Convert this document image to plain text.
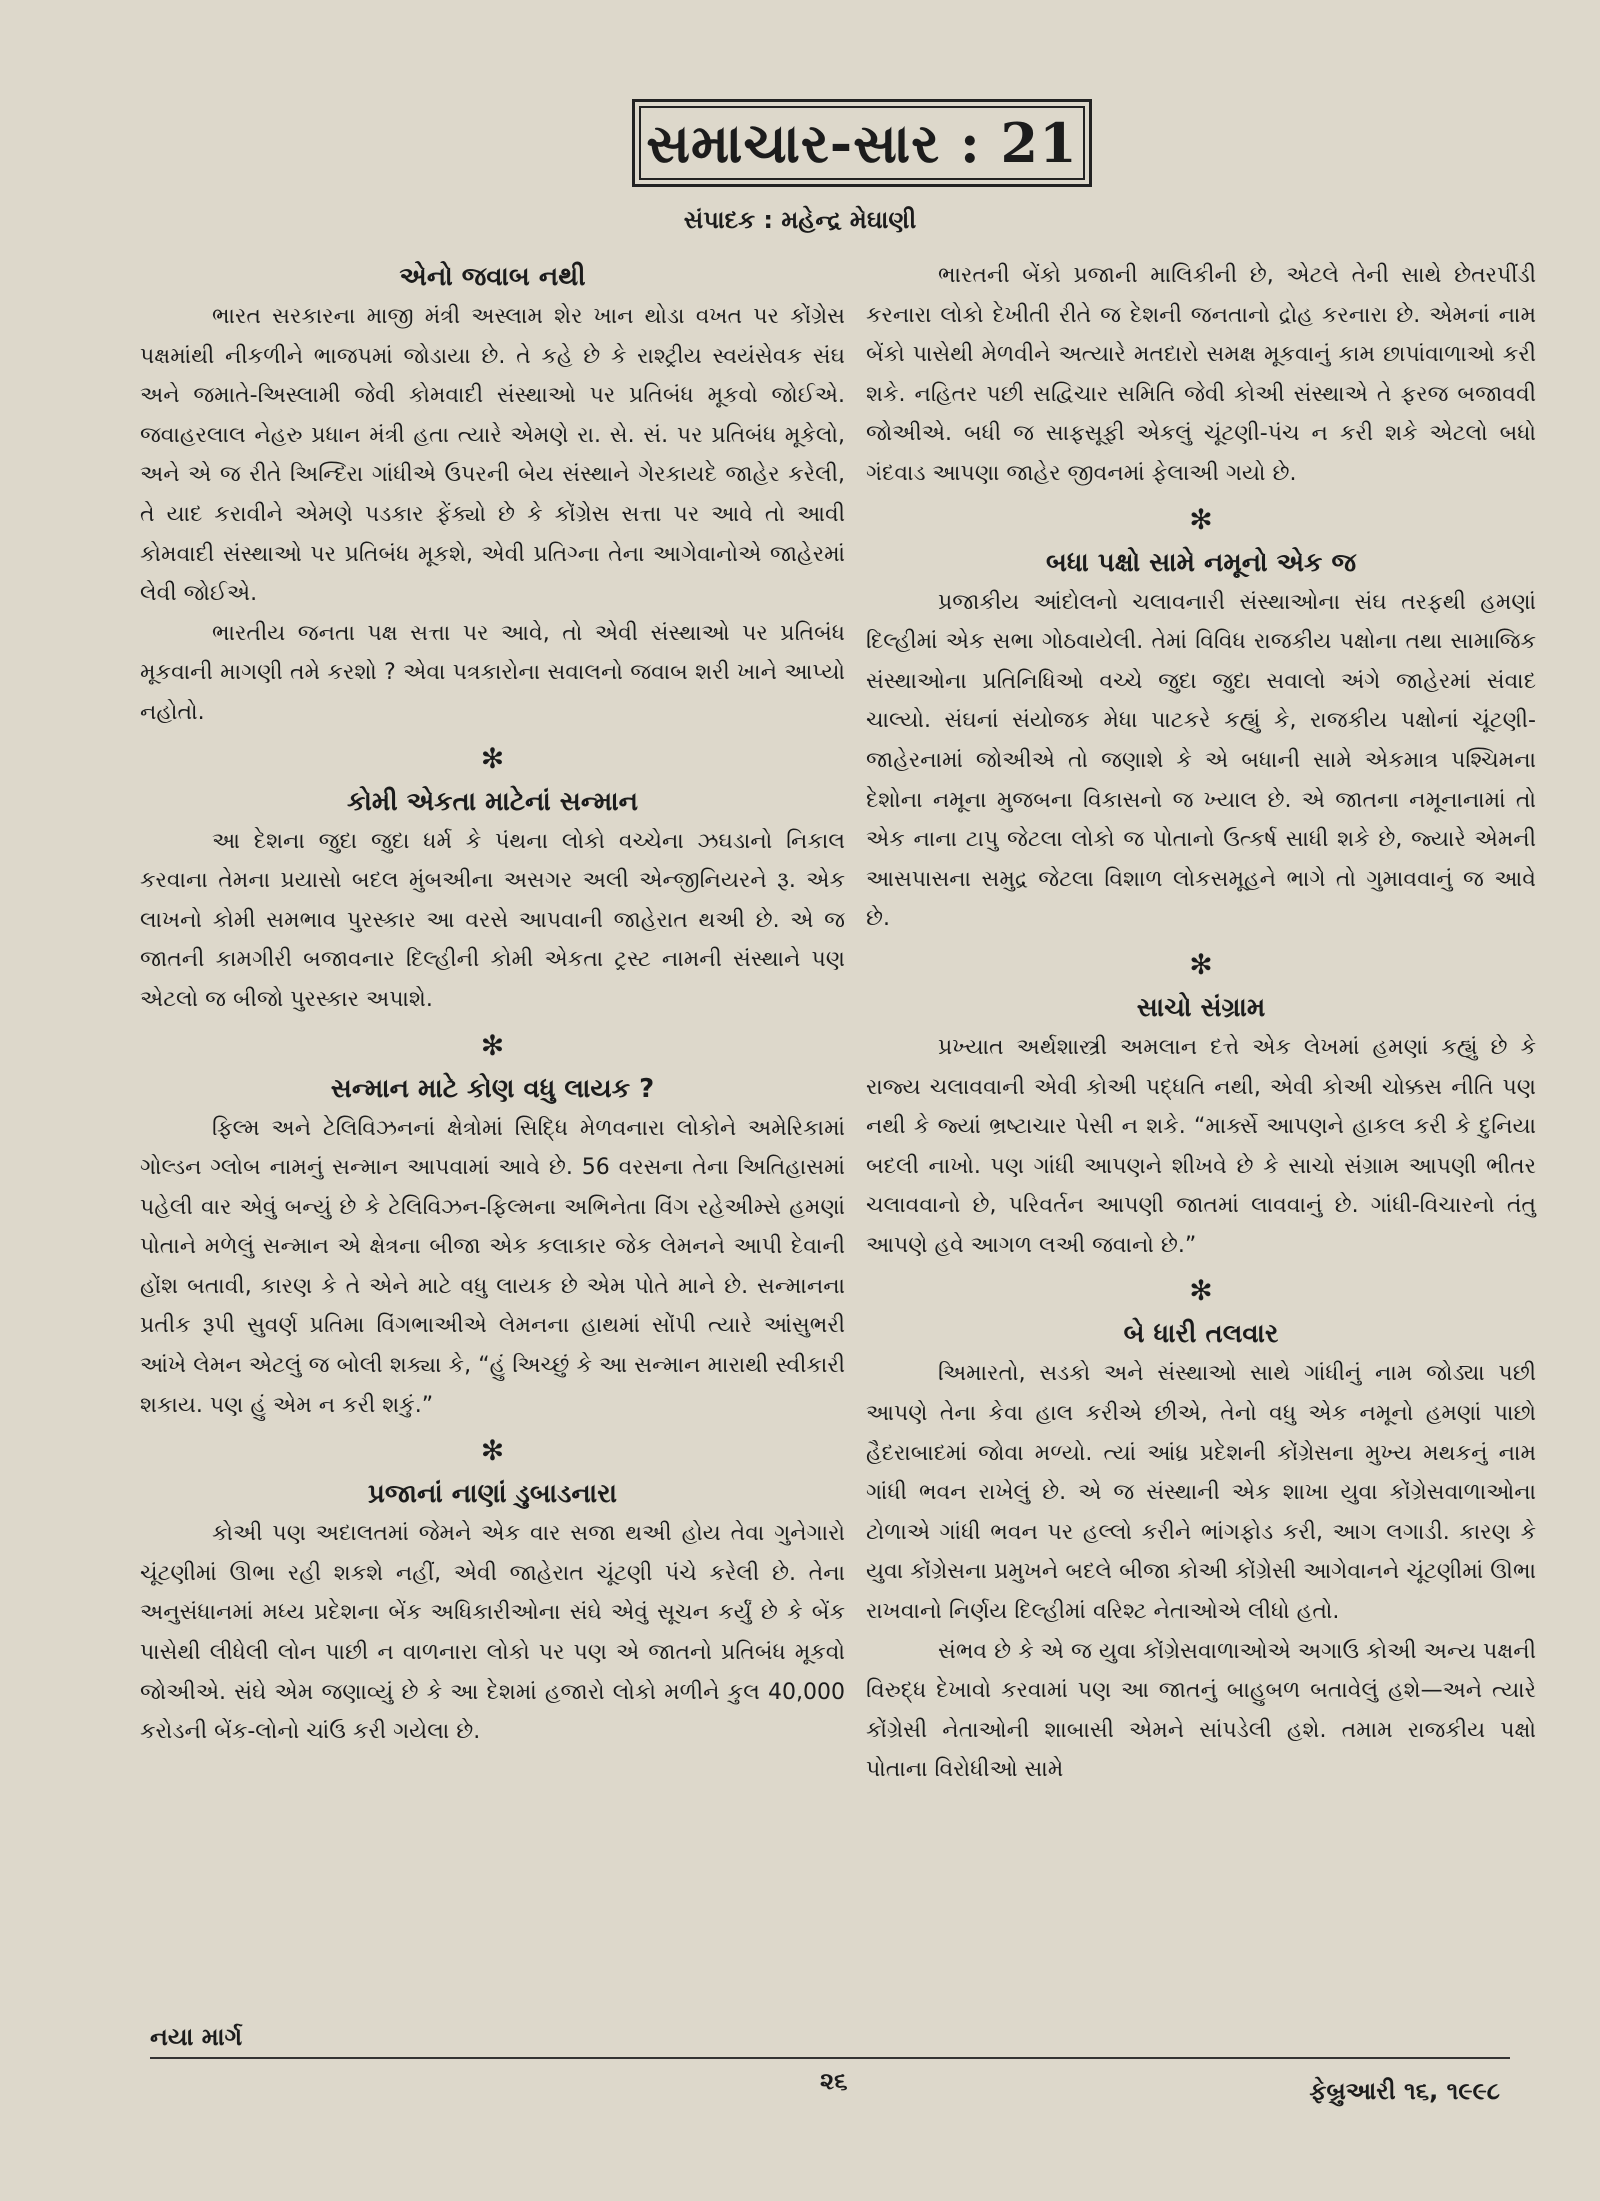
સમાચાર-સાર : 21
સંપાદક : મહેન્દ્ર મેઘાણી
એનો જવાબ નથી

ભારત સરકારના માજી મંત્રી અસ્લામ શેર ખાન થોડા વખત પર કોંગ્રેસ પક્ષમાંથી નીકળીને ભાજપમાં જોડાયા છે. તે કહે છે કે રાશ્ટ્રીય સ્વયંસેવક સંઘ અને જમાતે-અિસ્લામી જેવી કોમવાદી સંસ્થાઓ પર પ્રતિબંધ મૂકવો જોઈએ. જવાહરલાલ નેહરુ પ્રધાન મંત્રી હતા ત્યારે એમણે રા. સે. સં. પર પ્રતિબંધ મૂકેલો, અને એ જ રીતે અિન્દિરા ગાંધીએ ઉપરની બેય સંસ્થાને ગેરકાયદે જાહેર કરેલી, તે યાદ કરાવીને એમણે પડકાર ફેંક્યો છે કે કોંગ્રેસ સત્તા પર આવે તો આવી કોમવાદી સંસ્થાઓ પર પ્રતિબંધ મૂકશે, એવી પ્રતિગ્ના તેના આગેવાનોએ જાહેરમાં લેવી જોઈએ.

ભારતીય જનતા પક્ષ સત્તા પર આવે, તો એવી સંસ્થાઓ પર પ્રતિબંધ મૂકવાની માગણી તમે કરશો ? એવા પત્રકારોના સવાલનો જવાબ શરી ખાને આપ્યો નહોતો.

✻
કોમી એકતા માટેનાં સન્માન

આ દેશના જુદા જુદા ધર્મ કે પંથના લોકો વચ્ચેના ઝઘડાનો નિકાલ કરવાના તેમના પ્રયાસો બદલ મુંબઅીના અસગર અલી એન્જીનિયરને રૂ. એક લાખનો કોમી સમભાવ પુરસ્કાર આ વરસે આપવાની જાહેરાત થઅી છે. એ જ જાતની કામગીરી બજાવનાર દિલ્હીની કોમી એકતા ટ્રસ્ટ નામની સંસ્થાને પણ એટલો જ બીજો પુરસ્કાર અપાશે.

✻
સન્માન માટે કોણ વધુ લાયક ?

ફિલ્મ અને ટેલિવિઝનનાં ક્ષેત્રોમાં સિદ્ધિ મેળવનારા લોકોને અમેરિકામાં ગોલ્ડન ગ્લોબ નામનું સન્માન આપવામાં આવે છે. 56 વરસના તેના અિતિહાસમાં પહેલી વાર એવું બન્યું છે કે ટેલિવિઝન-ફિલ્મના અભિનેતા વિંગ રહેઅીમ્સે હમણાં પોતાને મળેલું સન્માન એ ક્ષેત્રના બીજા એક કલાકાર જેક લેમનને આપી દેવાની હોંશ બતાવી, કારણ કે તે એને માટે વધુ લાયક છે એમ પોતે માને છે. સન્માનના પ્રતીક રૂપી સુવર્ણ પ્રતિમા વિંગભાઅીએ લેમનના હાથમાં સોંપી ત્યારે આંસુભરી આંખે લેમન એટલું જ બોલી શક્યા કે, “હું અિચ્છું કે આ સન્માન મારાથી સ્વીકારી શકાય. પણ હું એમ ન કરી શકું.”

✻
પ્રજાનાં નાણાં ડુબાડનારા

કોઅી પણ અદાલતમાં જેમને એક વાર સજા થઅી હોય તેવા ગુનેગારો ચૂંટણીમાં ઊભા રહી શકશે નહીં, એવી જાહેરાત ચૂંટણી પંચે કરેલી છે. તેના અનુસંધાનમાં મધ્ય પ્રદેશના બેંક અધિકારીઓના સંઘે એવું સૂચન કર્યું છે કે બેંક પાસેથી લીધેલી લોન પાછી ન વાળનારા લોકો પર પણ એ જાતનો પ્રતિબંધ મૂકવો જોઅીએ. સંઘે એમ જણાવ્યું છે કે આ દેશમાં હજારો લોકો મળીને કુલ 40,000 કરોડની બેંક-લોનો ચાંઉ કરી ગયેલા છે.

ભારતની બેંકો પ્રજાની માલિકીની છે, એટલે તેની સાથે છેતરપીંડી કરનારા લોકો દેખીતી રીતે જ દેશની જનતાનો દ્રોહ કરનારા છે. એમનાં નામ બેંકો પાસેથી મેળવીને અત્યારે મતદારો સમક્ષ મૂકવાનું કામ છાપાંવાળાઓ કરી શકે. નહિતર પછી સદ્વિચાર સમિતિ જેવી કોઅી સંસ્થાએ તે ફરજ બજાવવી જોઅીએ. બધી જ સાફસૂફી એકલું ચૂંટણી-પંચ ન કરી શકે એટલો બધો ગંદવાડ આપણા જાહેર જીવનમાં ફેલાઅી ગયો છે.

✻
બધા પક્ષો સામે નમૂનો એક જ

પ્રજાકીય આંદોલનો ચલાવનારી સંસ્થાઓના સંઘ તરફથી હમણાં દિલ્હીમાં એક સભા ગોઠવાયેલી. તેમાં વિવિધ રાજકીય પક્ષોના તથા સામાજિક સંસ્થાઓના પ્રતિનિધિઓ વચ્ચે જુદા જુદા સવાલો અંગે જાહેરમાં સંવાદ ચાલ્યો. સંઘનાં સંયોજક મેધા પાટકરે કહ્યું કે, રાજકીય પક્ષોનાં ચૂંટણી-જાહેરનામાં જોઅીએ તો જણાશે કે એ બધાની સામે એકમાત્ર પશ્ચિમના દેશોના નમૂના મુજબના વિકાસનો જ ખ્યાલ છે. એ જાતના નમૂનાનામાં તો એક નાના ટાપુ જેટલા લોકો જ પોતાનો ઉત્કર્ષ સાધી શકે છે, જ્યારે એમની આસપાસના સમુદ્ર જેટલા વિશાળ લોકસમૂહને ભાગે તો ગુમાવવાનું જ આવે છે.

✻
સાચો સંગ્રામ

પ્રખ્યાત અર્થશાસ્ત્રી અમલાન દત્તે એક લેખમાં હમણાં કહ્યું છે કે રાજ્ય ચલાવવાની એવી કોઅી પદ્ધતિ નથી, એવી કોઅી ચોક્કસ નીતિ પણ નથી કે જ્યાં ભ્રષ્ટાચાર પેસી ન શકે. “માર્ક્સે આપણને હાકલ કરી કે દુનિયા બદલી નાખો. પણ ગાંધી આપણને શીખવે છે કે સાચો સંગ્રામ આપણી ભીતર ચલાવવાનો છે, પરિવર્તન આપણી જાતમાં લાવવાનું છે. ગાંધી-વિચારનો તંતુ આપણે હવે આગળ લઅી જવાનો છે.”

✻
બે ધારી તલવાર

અિમારતો, સડકો અને સંસ્થાઓ સાથે ગાંધીનું નામ જોડ્યા પછી આપણે તેના કેવા હાલ કરીએ છીએ, તેનો વધુ એક નમૂનો હમણાં પાછો હૈદરાબાદમાં જોવા મળ્યો. ત્યાં આંધ્ર પ્રદેશની કોંગ્રેસના મુખ્ય મથકનું નામ ગાંધી ભવન રાખેલું છે. એ જ સંસ્થાની એક શાખા યુવા કોંગ્રેસવાળાઓના ટોળાએ ગાંધી ભવન પર હલ્લો કરીને ભાંગફોડ કરી, આગ લગાડી. કારણ કે યુવા કોંગ્રેસના પ્રમુખને બદલે બીજા કોઅી કોંગ્રેસી આગેવાનને ચૂંટણીમાં ઊભા રાખવાનો નિર્ણય દિલ્હીમાં વરિશ્ટ નેતાઓએ લીધો હતો.

સંભવ છે કે એ જ યુવા કોંગ્રેસવાળાઓએ અગાઉ કોઅી અન્ય પક્ષની વિરુદ્ધ દેખાવો કરવામાં પણ આ જાતનું બાહુબળ બતાવેલું હશે—અને ત્યારે કોંગ્રેસી નેતાઓની શાબાસી એમને સાંપડેલી હશે. તમામ રાજકીય પક્ષો પોતાના વિરોધીઓ સામે

નયા માર્ગ
૨૬	ફેબ્રુઆરી ૧૬, ૧૯૯૮
